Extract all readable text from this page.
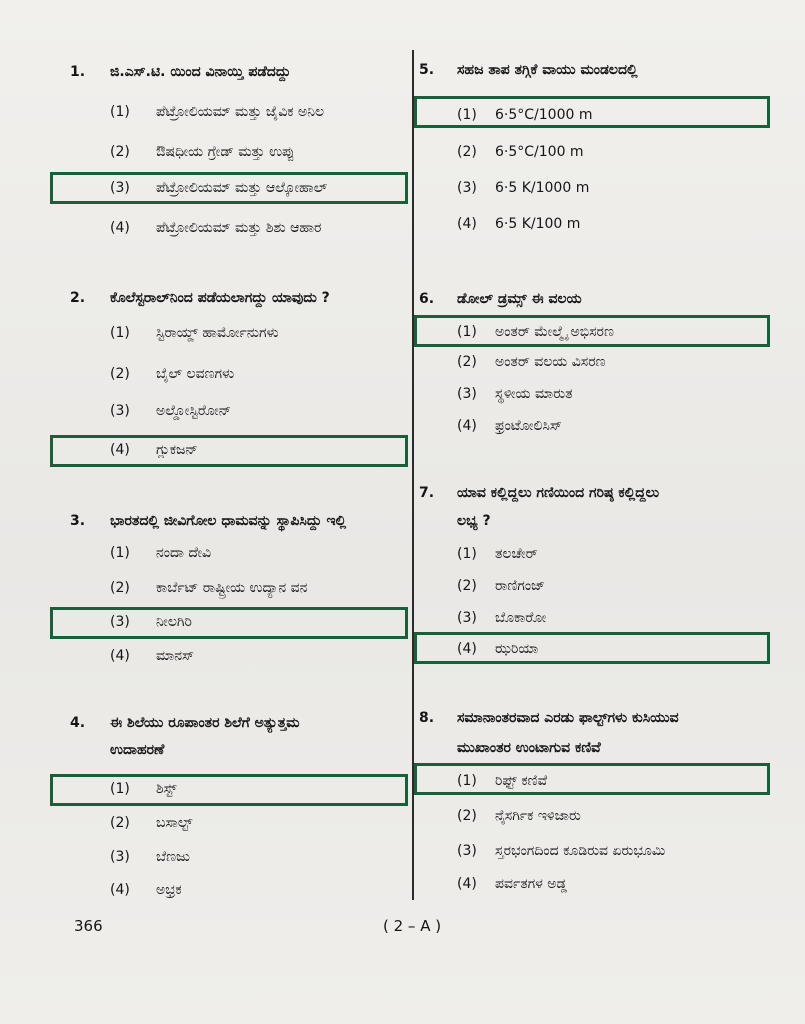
1. ಜಿ.ಎಸ್.ಟಿ. ಯಿಂದ ವಿನಾಯ್ತಿ ಪಡೆದದ್ದು
(1)	ಪೆಟ್ರೋಲಿಯಮ್ ಮತ್ತು ಜೈವಿಕ ಅನಿಲ
(2)	ಔಷಧೀಯ ಗ್ರೇಡ್ ಮತ್ತು ಉಪ್ಪು
(3)	ಪೆಟ್ರೋಲಿಯಮ್ ಮತ್ತು ಆಲ್ಕೋಹಾಲ್
(4)	ಪೆಟ್ರೋಲಿಯಮ್ ಮತ್ತು ಶಿಶು ಆಹಾರ
2. ಕೊಲೆಸ್ಟರಾಲ್‌ನಿಂದ ಪಡೆಯಲಾಗದ್ದು ಯಾವುದು ?
(1)	ಸ್ಟಿರಾಯ್ಡ್ ಹಾರ್ಮೋನುಗಳು
(2)	ಬೈಲ್ ಲವಣಗಳು
(3)	ಅಲ್ಡೋಸ್ಟಿರೋನ್
(4)	ಗ್ಲುಕಜನ್
3. ಭಾರತದಲ್ಲಿ ಜೀವಿಗೋಲ ಧಾಮವನ್ನು ಸ್ಥಾಪಿಸಿದ್ದು ಇಲ್ಲಿ
(1)	ನಂದಾ ದೇವಿ
(2)	ಕಾರ್ಬೆಟ್ ರಾಷ್ಟ್ರೀಯ ಉದ್ಯಾನ ವನ
(3)	ನೀಲಗಿರಿ
(4)	ಮಾನಸ್
4. ಈ ಶಿಲೆಯು ರೂಪಾಂತರ ಶಿಲೆಗೆ ಅತ್ಯುತ್ತಮ
ಉದಾಹರಣೆ
(1)	ಶಿಸ್ಟ್
(2)	ಬಸಾಲ್ಟ್
(3)	ಬೆಣಜು
(4)	ಅಭ್ರಕ
5. ಸಹಜ ತಾಪ ತಗ್ಗಿಕೆ ವಾಯು ಮಂಡಲದಲ್ಲಿ
(1)	6·5°C/1000 m
(2)	6·5°C/100 m
(3)	6·5 K/1000 m
(4)	6·5 K/100 m
6. ಡೋಲ್ ಡ್ರಮ್ಸ್ ಈ ವಲಯ
(1)	ಅಂತರ್ ಮೇಲ್ಮೈ ಅಭಿಸರಣ
(2)	ಅಂತರ್ ವಲಯ ವಿಸರಣ
(3)	ಸ್ಥಳೀಯ ಮಾರುತ
(4)	ಫ್ರಂಟೋಲಿಸಿಸ್
7. ಯಾವ ಕಲ್ಲಿದ್ದಲು ಗಣಿಯಿಂದ ಗರಿಷ್ಠ ಕಲ್ಲಿದ್ದಲು
ಲಭ್ಯ ?
(1)	ತಲಚೇರ್
(2)	ರಾಣಿಗಂಜ್
(3)	ಬೊಕಾರೋ
(4)	ಝರಿಯಾ
8. ಸಮಾನಾಂತರವಾದ ಎರಡು ಫಾಲ್ಟ್‌ಗಳು ಕುಸಿಯುವ
ಮುಖಾಂತರ ಉಂಟಾಗುವ ಕಣಿವೆ
(1)	ರಿಫ್ಟ್ ಕಣಿವೆ
(2)	ನೈಸರ್ಗಿಕ ಇಳಿಜಾರು
(3)	ಸ್ತರಭಂಗದಿಂದ ಕೂಡಿರುವ ಏರುಭೂಮಿ
(4)	ಪರ್ವತಗಳ ಅಡ್ಡ
366	( 2 – A )
